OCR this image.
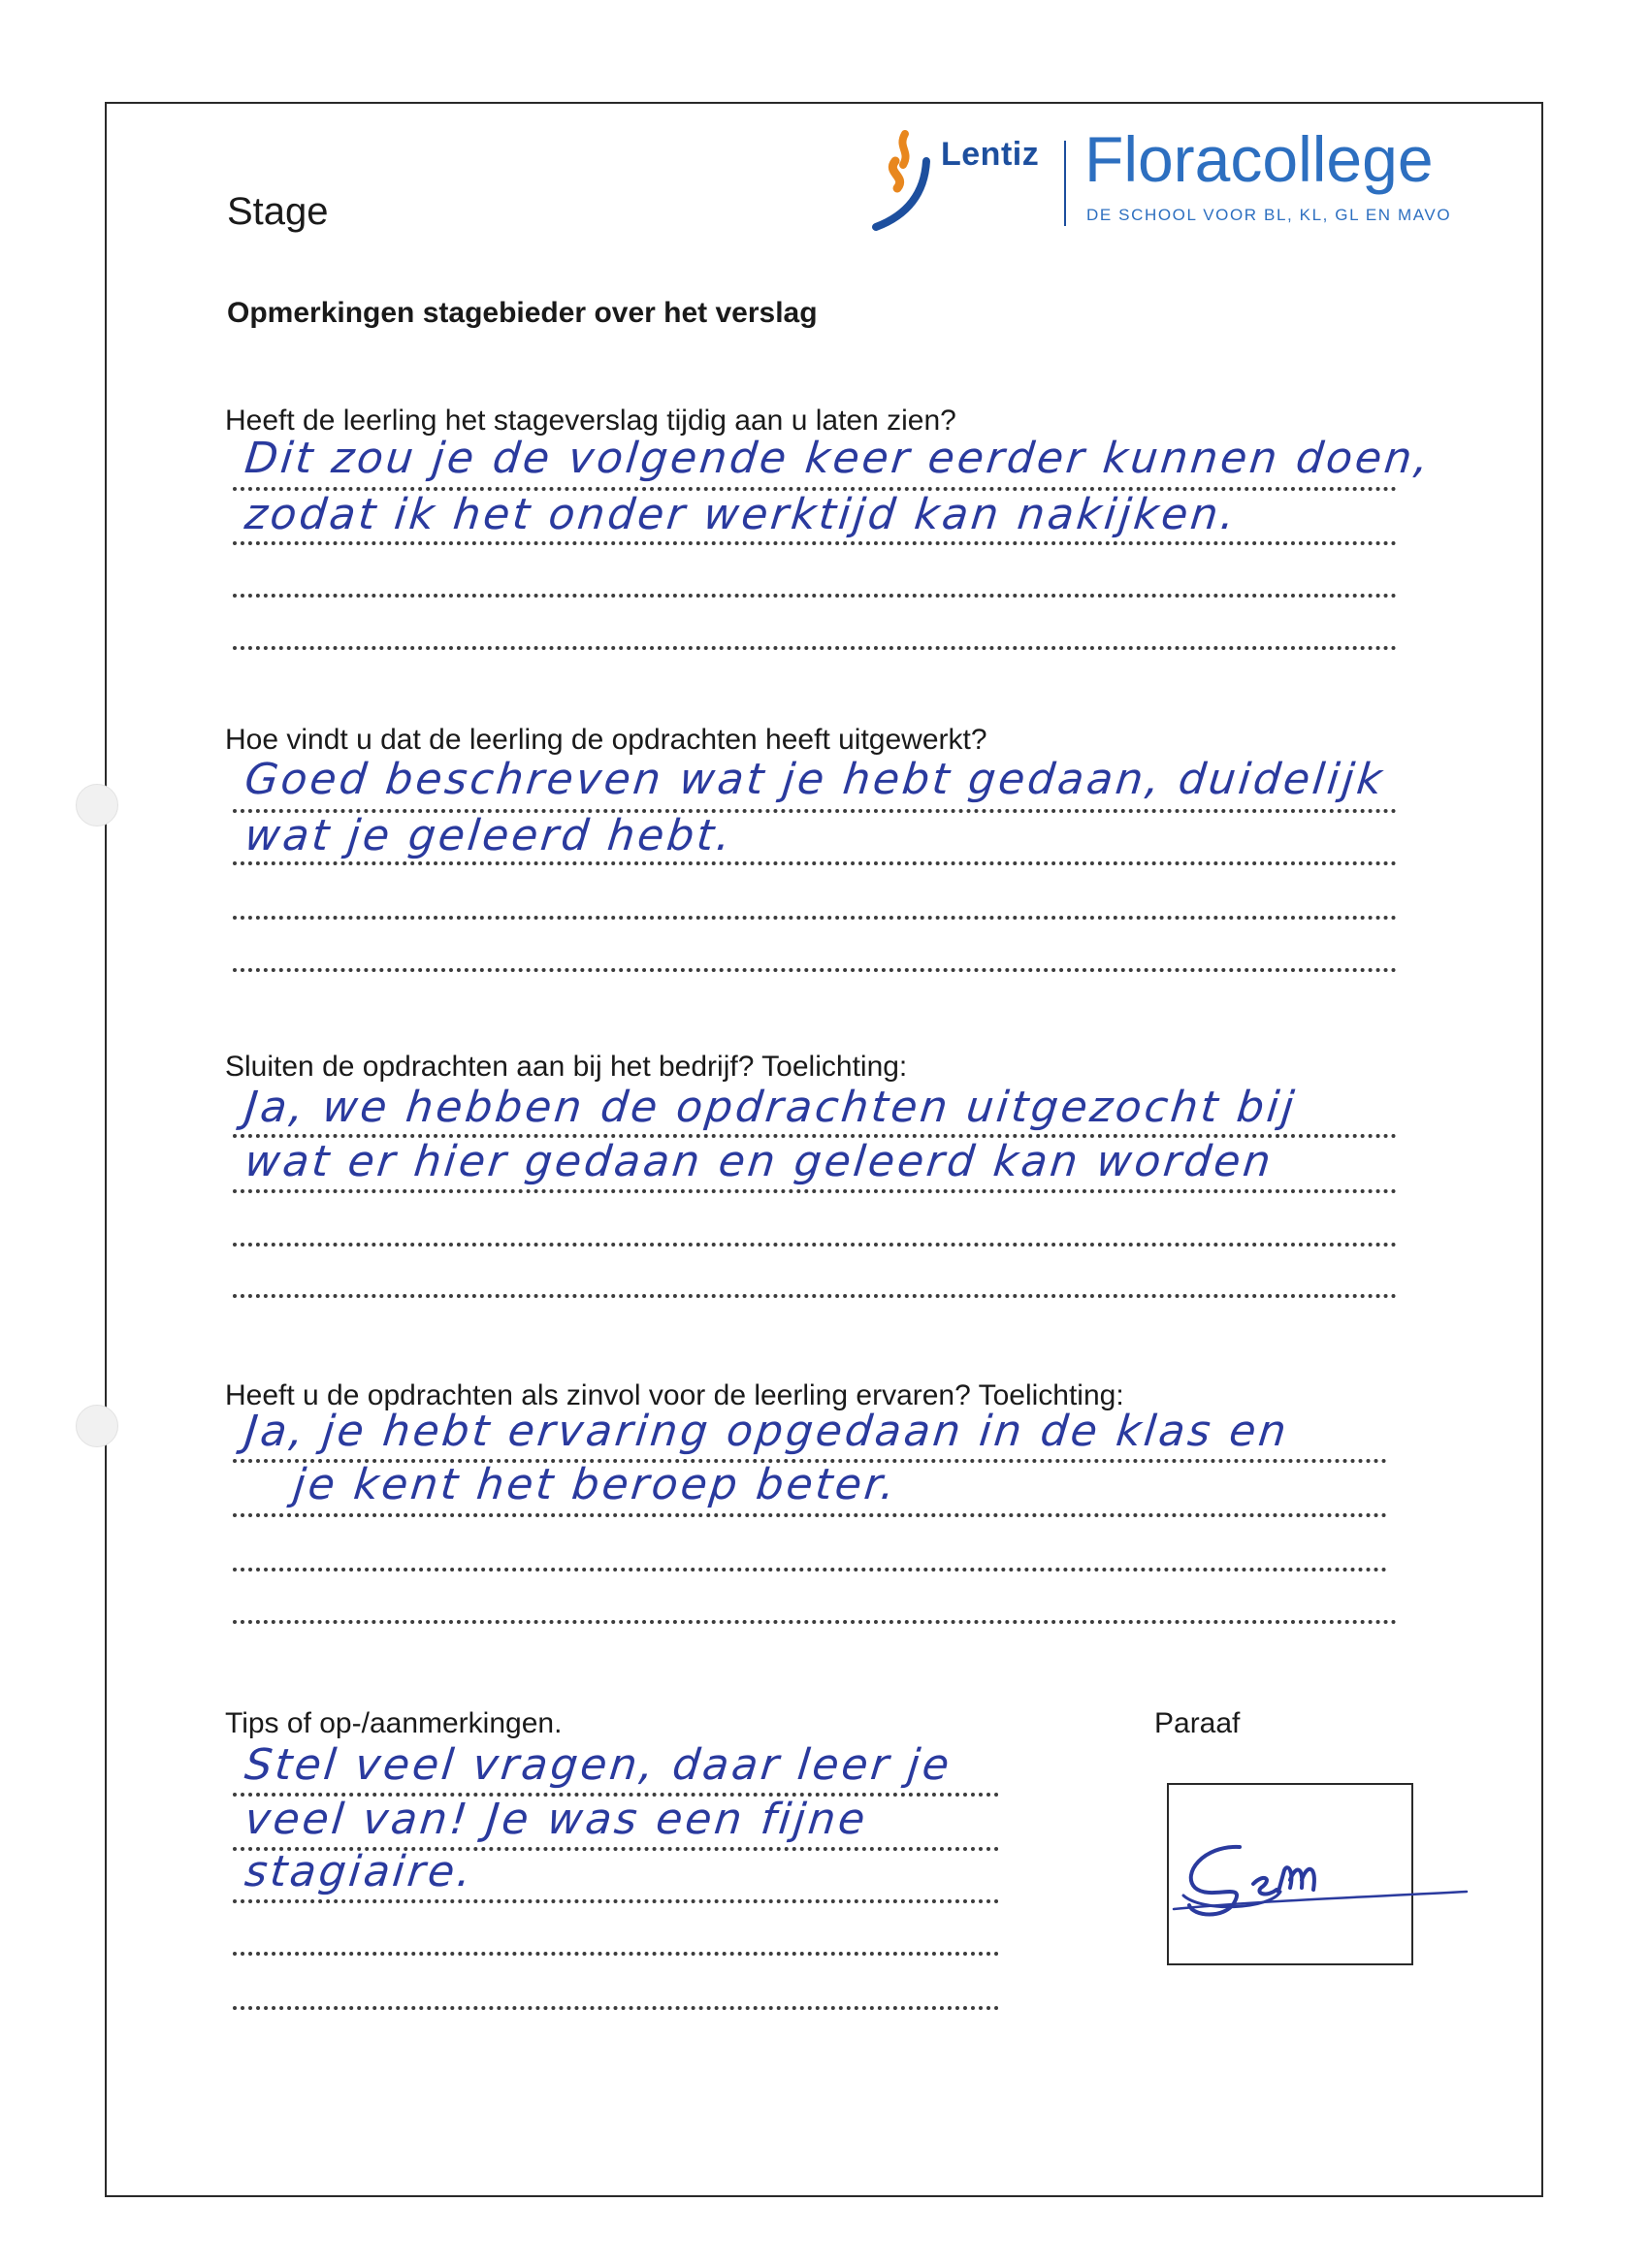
Stage
Lentiz Floracollege
DE SCHOOL VOOR BL, KL, GL EN MAVO
Opmerkingen stagebieder over het verslag
Heeft de leerling het stageverslag tijdig aan u laten zien?
Dit zou je de volgende keer eerder kunnen doen,
zodat ik het onder werktijd kan nakijken.
Hoe vindt u dat de leerling de opdrachten heeft uitgewerkt?
Goed beschreven wat je hebt gedaan, duidelijk
wat je geleerd hebt.
Sluiten de opdrachten aan bij het bedrijf? Toelichting:
Ja, we hebben de opdrachten uitgezocht bij
wat er hier gedaan en geleerd kan worden
Heeft u de opdrachten als zinvol voor de leerling ervaren? Toelichting:
Ja, je hebt ervaring opgedaan in de klas en
je kent het beroep beter.
Tips of op-/aanmerkingen.
Stel veel vragen, daar leer je
veel van! Je was een fijne
stagiaire.
Paraaf
